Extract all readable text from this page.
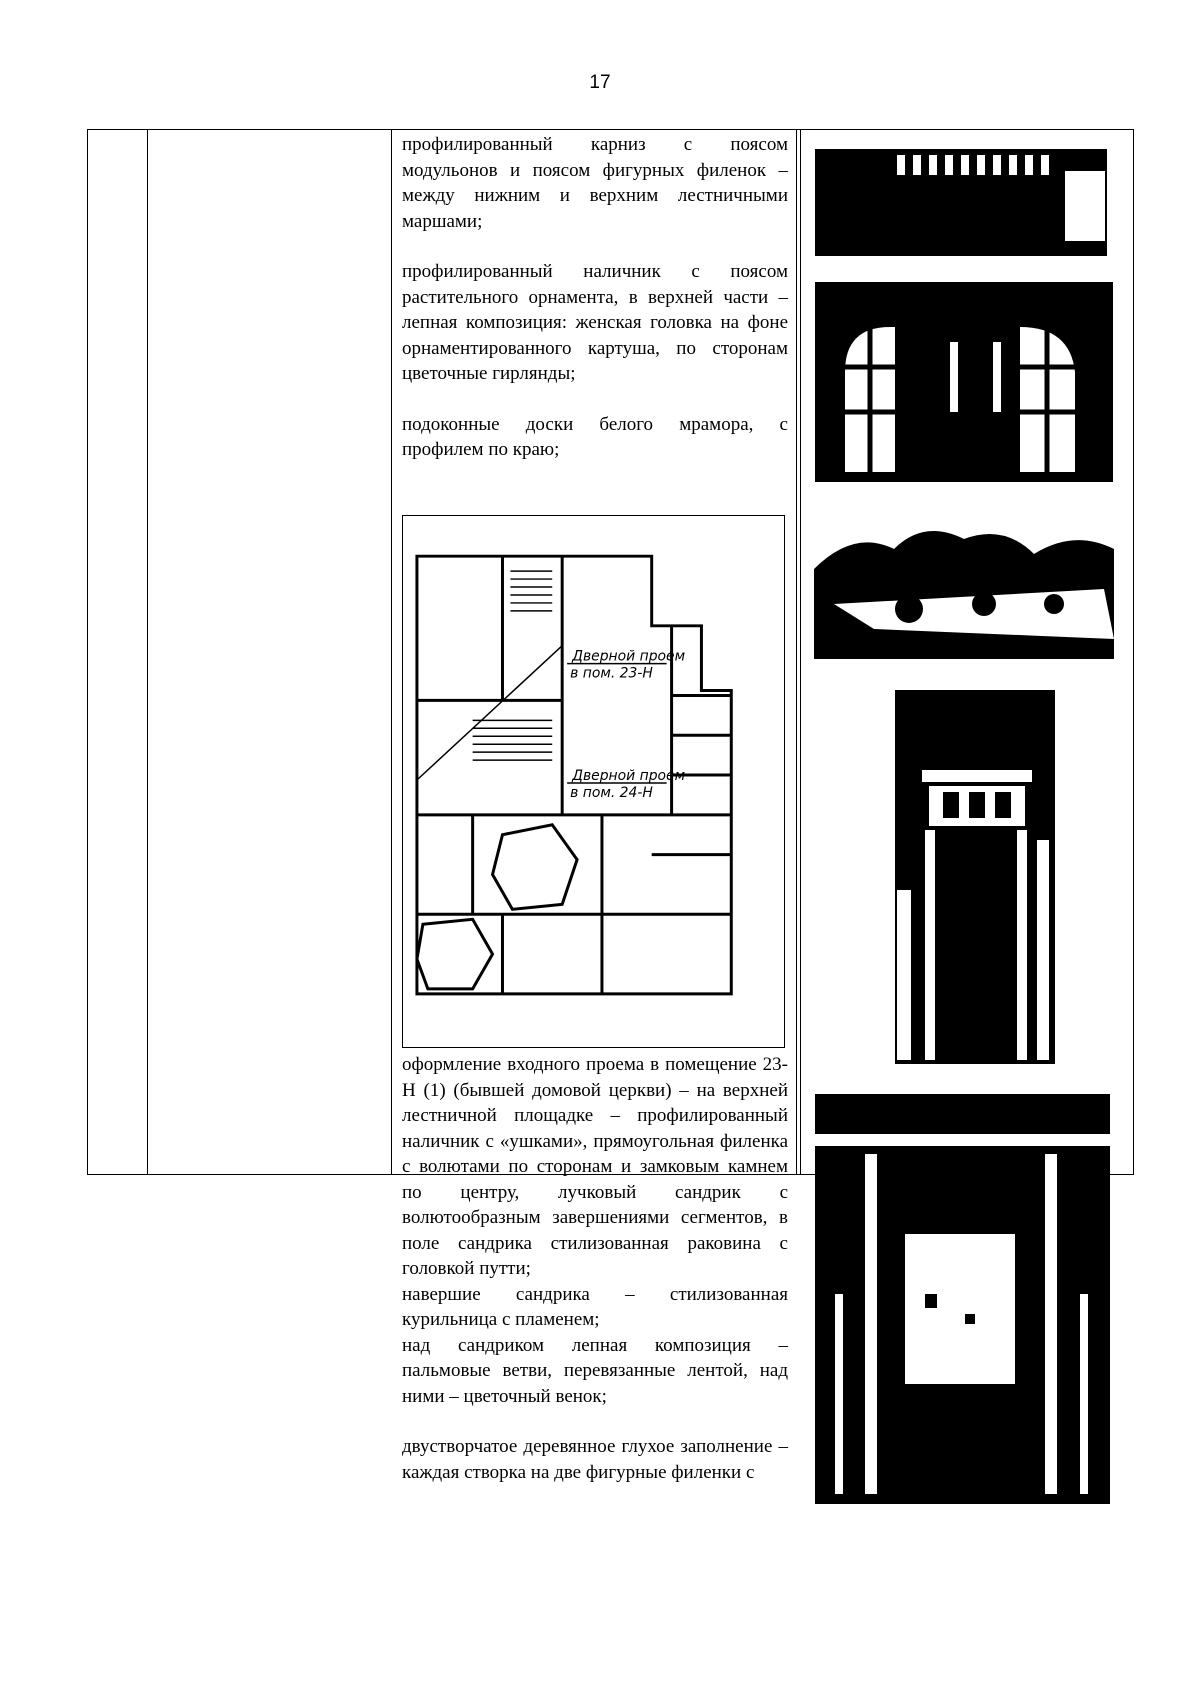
17

профилированный карниз с поясом модульонов и поясом фигурных филенок – между нижним и верхним лестничными маршами;

профилированный наличник с поясом растительного орнамента, в верхней части – лепная композиция: женская головка на фоне орнаментированного картуша, по сторонам цветочные гирлянды;

подоконные доски белого мрамора, с профилем по краю;

Дверной проем
в пом. 23-Н
Дверной проем
в пом. 24-Н

оформление входного проема в помещение 23-Н (1) (бывшей домовой церкви) – на верхней лестничной площадке – профилированный наличник с «ушками», прямоугольная филенка с волютами по сторонам и замковым камнем по центру, лучковый сандрик с волютообразным завершениями сегментов, в поле сандрика стилизованная раковина с головкой путти;

навершие сандрика – стилизованная курильница с пламенем;

над сандриком лепная композиция – пальмовые ветви, перевязанные лентой, над ними – цветочный венок;

двустворчатое деревянное глухое заполнение – каждая створка на две фигурные филенки с
